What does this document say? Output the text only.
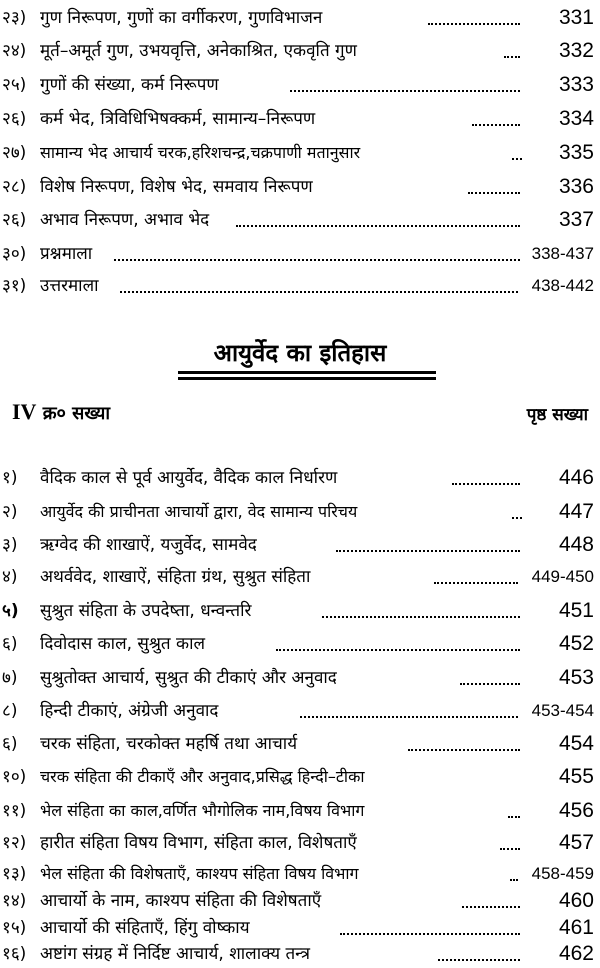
२३) गुण निरूपण, गुणों का वर्गीकरण, गुणविभाजन	331
२४) मूर्त–अमूर्त गुण, उभयवृत्ति, अनेकाश्रित, एकवृति गुण	332
२५) गुणों की संख्या, कर्म निरूपण	333
२६) कर्म भेद, त्रिविधिभिषक्कर्म, सामान्य–निरूपण	334
२७) सामान्य भेद आचार्य चरक,हरिशचन्द्र,चक्रपाणी मतानुसार	335
२८) विशेष निरूपण, विशेष भेद, समवाय निरूपण	336
२६) अभाव निरूपण, अभाव भेद	337
३०) प्रश्नमाला	338-437
३१) उत्तरमाला	438-442
आयुर्वेद का इतिहास
IV क्र० सख्या	पृष्ठ सख्या
१) वैदिक काल से पूर्व आयुर्वेद, वैदिक काल निर्धारण	446
२) आयुर्वेद की प्राचीनता आचार्यो द्वारा, वेद सामान्य परिचय	447
३) ऋग्वेद की शाखाऐं, यजुर्वेद, सामवेद	448
४) अथर्ववेद, शाखाऐं, संहिता ग्रंथ, सुश्रुत संहिता	449-450
५) सुश्रुत संहिता के उपदेष्ता, धन्वन्तरि	451
६) दिवोदास काल, सुश्रुत काल	452
७) सुश्रुतोक्त आचार्य, सुश्रुत की टीकाएं और अनुवाद	453
८) हिन्दी टीकाएं, अंग्रेजी अनुवाद	453-454
६) चरक संहिता, चरकोक्त महर्षि तथा आचार्य	454
१०) चरक संहिता की टीकाएँ और अनुवाद,प्रसिद्ध हिन्दी–टीका	455
११) भेल संहिता का काल,वर्णित भौगोलिक नाम,विषय विभाग	456
१२) हारीत संहिता विषय विभाग, संहिता काल, विशेषताएँ	457
१३) भेल संहिता की विशेषताएँ, काश्यप संहिता विषय विभाग	458-459
१४) आचार्यो के नाम, काश्यप संहिता की विशेषताएँ	460
१५) आचार्यो की संहिताएँ, हिंगु वोष्काय	461
१६) अष्टांग संग्रह में निर्दिष्ट आचार्य, शालाक्य तन्त्र	462
